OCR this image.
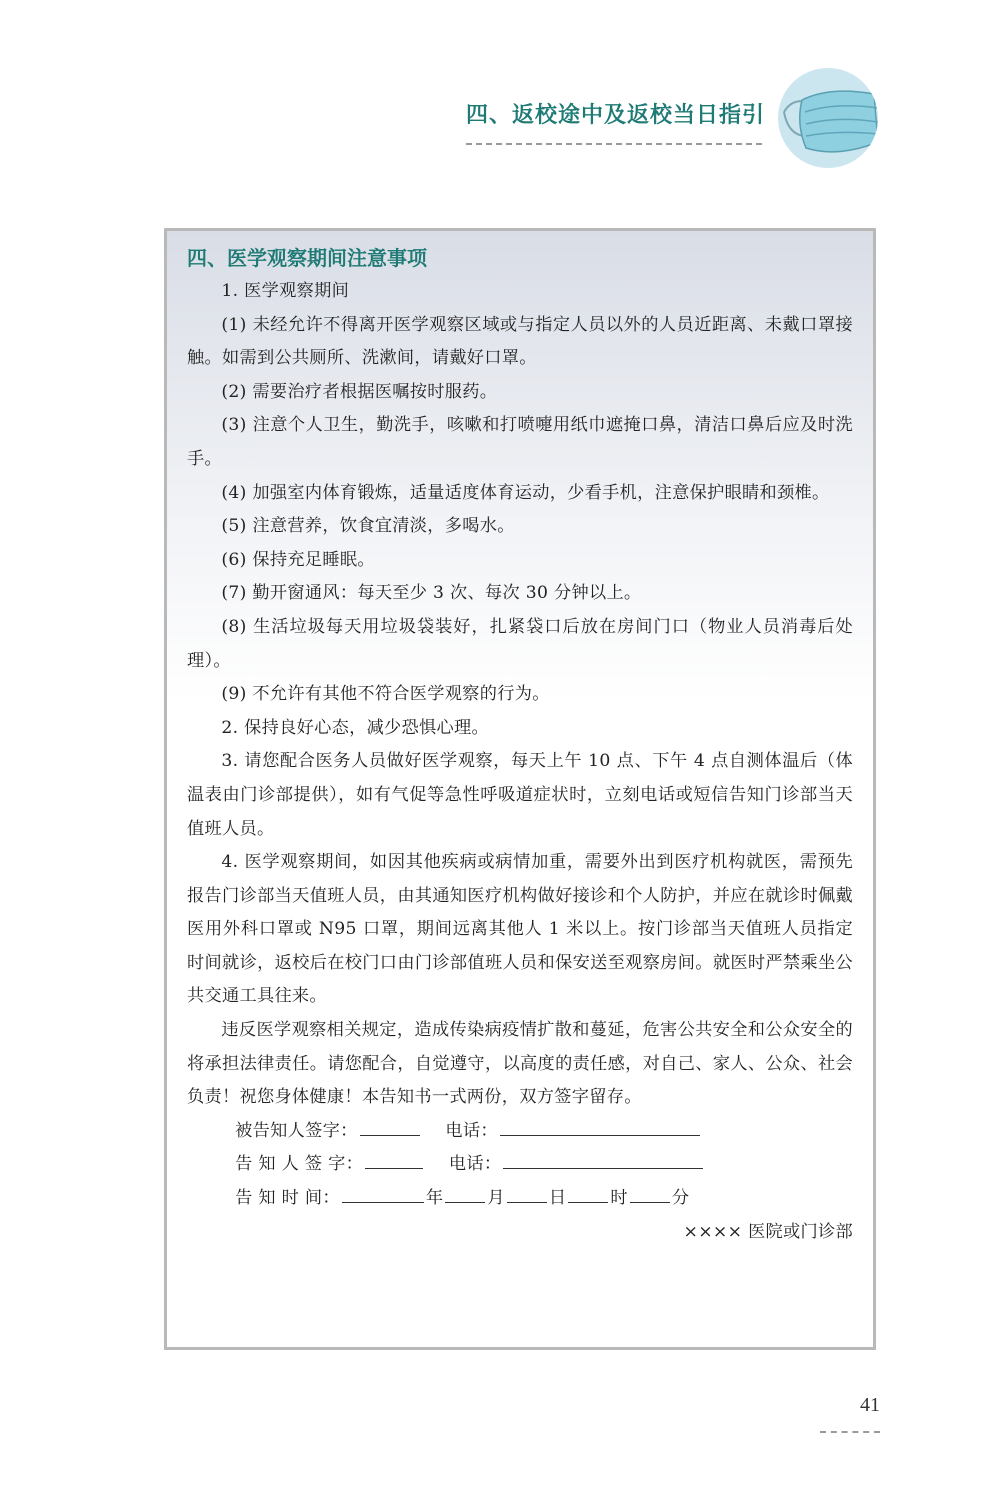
四、返校途中及返校当日指引
四、医学观察期间注意事项

1. 医学观察期间

(1) 未经允许不得离开医学观察区域或与指定人员以外的人员近距离、未戴口罩接触。如需到公共厕所、洗漱间，请戴好口罩。

(2) 需要治疗者根据医嘱按时服药。

(3) 注意个人卫生，勤洗手，咳嗽和打喷嚏用纸巾遮掩口鼻，清洁口鼻后应及时洗手。

(4) 加强室内体育锻炼，适量适度体育运动，少看手机，注意保护眼睛和颈椎。

(5) 注意营养，饮食宜清淡，多喝水。

(6) 保持充足睡眠。

(7) 勤开窗通风：每天至少 3 次、每次 30 分钟以上。

(8) 生活垃圾每天用垃圾袋装好，扎紧袋口后放在房间门口（物业人员消毒后处理）。

(9) 不允许有其他不符合医学观察的行为。

2. 保持良好心态，减少恐惧心理。

3. 请您配合医务人员做好医学观察，每天上午 10 点、下午 4 点自测体温后（体温表由门诊部提供），如有气促等急性呼吸道症状时，立刻电话或短信告知门诊部当天值班人员。

4. 医学观察期间，如因其他疾病或病情加重，需要外出到医疗机构就医，需预先报告门诊部当天值班人员，由其通知医疗机构做好接诊和个人防护，并应在就诊时佩戴医用外科口罩或 N95 口罩，期间远离其他人 1 米以上。按门诊部当天值班人员指定时间就诊，返校后在校门口由门诊部值班人员和保安送至观察房间。就医时严禁乘坐公共交通工具往来。

违反医学观察相关规定，造成传染病疫情扩散和蔓延，危害公共安全和公众安全的将承担法律责任。请您配合，自觉遵守，以高度的责任感，对自己、家人、公众、社会负责！祝您身体健康！本告知书一式两份，双方签字留存。

被告知人签字：	电话：
告 知 人 签 字：	电话：
告 知 时 间：	年	月	日	时	分
×××× 医院或门诊部
41
